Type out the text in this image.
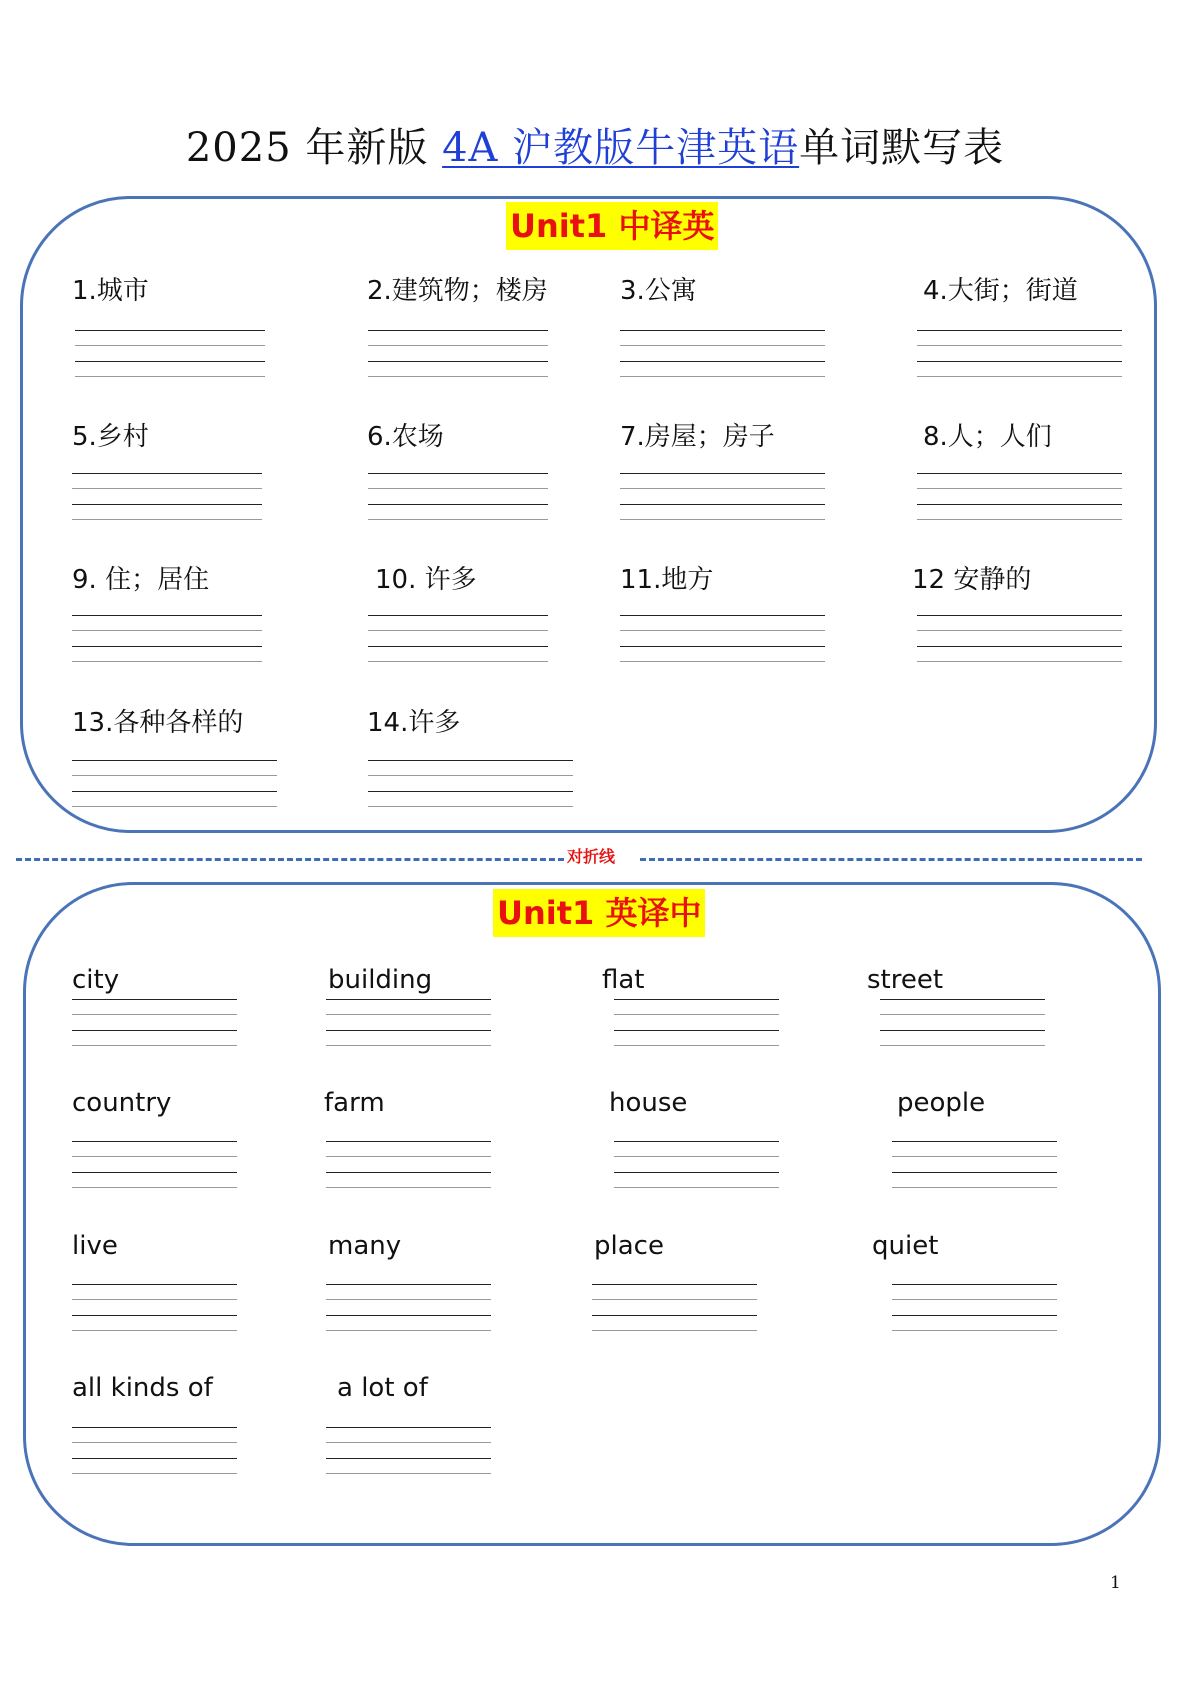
2025 年新版 4A 沪教版牛津英语单词默写表
Unit1 中译英
对折线
Unit1 英译中
1.城市	2.建筑物；楼房	3.公寓	4.大街；街道
5.乡村	6.农场	7.房屋；房子	8.人；人们
9. 住；居住	10. 许多	11.地方	12 安静的
13.各种各样的	14.许多
city	building	flat	street
country	farm	house	people
live	many	place	quiet
all kinds of	a lot of
1
